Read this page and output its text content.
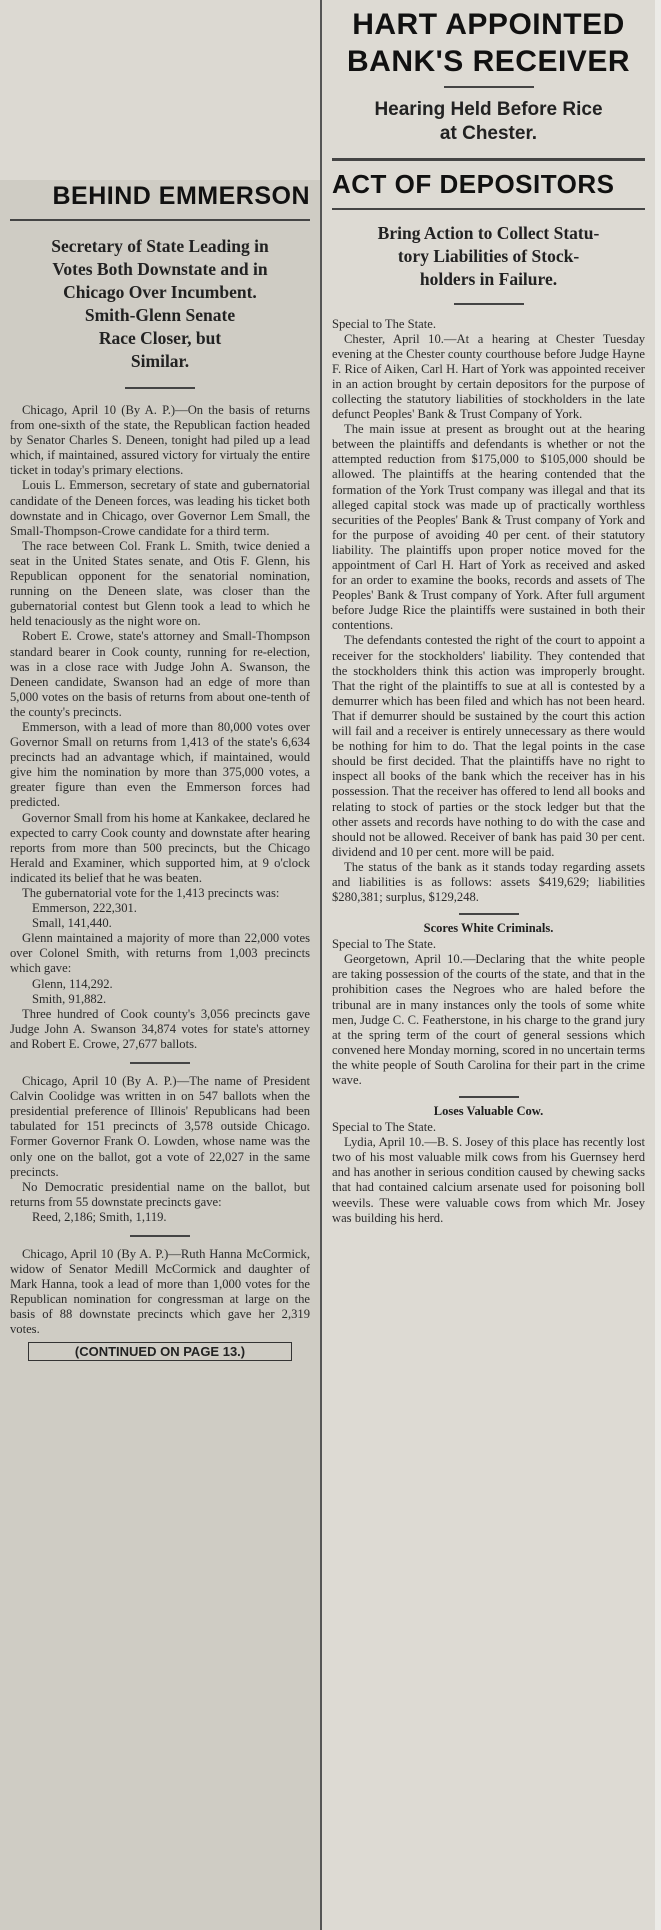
HART APPOINTED
BANK'S RECEIVER
Hearing Held Before Rice
at Chester.
ACT OF DEPOSITORS
Bring Action to Collect Statu-
tory Liabilities of Stock-
holders in Failure.

Special to The State.

Chester, April 10.—At a hearing at Chester Tuesday evening at the Chester county courthouse before Judge Hayne F. Rice of Aiken, Carl H. Hart of York was appointed receiver in an action brought by certain depositors for the purpose of collecting the statutory liabilities of stockholders in the late defunct Peoples' Bank & Trust Company of York.

The main issue at present as brought out at the hearing between the plaintiffs and defendants is whether or not the attempted reduction from $175,000 to $105,000 should be allowed. The plaintiffs at the hearing contended that the formation of the York Trust company was illegal and that its alleged capital stock was made up of practically worthless securities of the Peoples' Bank & Trust company of York and for the purpose of avoiding 40 per cent. of their statutory liability. The plaintiffs upon proper notice moved for the appointment of Carl H. Hart of York as received and asked for an order to examine the books, records and assets of The Peoples' Bank & Trust company of York. After full argument before Judge Rice the plaintiffs were sustained in both their contentions.

The defendants contested the right of the court to appoint a receiver for the stockholders' liability. They contended that the stockholders think this action was improperly brought. That the right of the plaintiffs to sue at all is contested by a demurrer which has been filed and which has not been heard. That if demurrer should be sustained by the court this action will fail and a receiver is entirely unnecessary as there would be nothing for him to do. That the legal points in the case should be first decided. That the plaintiffs have no right to inspect all books of the bank which the receiver has in his possession. That the receiver has offered to lend all books and relating to stock of parties or the stock ledger but that the other assets and records have nothing to do with the case and should not be allowed. Receiver of bank has paid 30 per cent. dividend and 10 per cent. more will be paid.

The status of the bank as it stands today regarding assets and liabilities is as follows: assets $419,629; liabilities $280,381; surplus, $129,248.

Scores White Criminals.

Special to The State.

Georgetown, April 10.—Declaring that the white people are taking possession of the courts of the state, and that in the prohibition cases the Negroes who are haled before the tribunal are in many instances only the tools of some white men, Judge C. C. Featherstone, in his charge to the grand jury at the spring term of the court of general sessions which convened here Monday morning, scored in no uncertain terms the white people of South Carolina for their part in the crime wave.

Loses Valuable Cow.

Special to The State.

Lydia, April 10.—B. S. Josey of this place has recently lost two of his most valuable milk cows from his Guernsey herd and has another in serious condition caused by chewing sacks that had contained calcium arsenate used for poisoning boll weevils. These were valuable cows from which Mr. Josey was building his herd.

BEHIND EMMERSON
Secretary of State Leading in
Votes Both Downstate and in
Chicago Over Incumbent.
Smith-Glenn Senate
Race Closer, but
Similar.

Chicago, April 10 (By A. P.)—On the basis of returns from one-sixth of the state, the Republican faction headed by Senator Charles S. Deneen, tonight had piled up a lead which, if maintained, assured victory for virtualy the entire ticket in today's primary elections.

Louis L. Emmerson, secretary of state and gubernatorial candidate of the Deneen forces, was leading his ticket both downstate and in Chicago, over Governor Lem Small, the Small-Thompson-Crowe candidate for a third term.

The race between Col. Frank L. Smith, twice denied a seat in the United States senate, and Otis F. Glenn, his Republican opponent for the senatorial nomination, running on the Deneen slate, was closer than the gubernatorial contest but Glenn took a lead to which he held tenaciously as the night wore on.

Robert E. Crowe, state's attorney and Small-Thompson standard bearer in Cook county, running for re-election, was in a close race with Judge John A. Swanson, the Deneen candidate, Swanson had an edge of more than 5,000 votes on the basis of returns from about one-tenth of the county's precincts.

Emmerson, with a lead of more than 80,000 votes over Governor Small on returns from 1,413 of the state's 6,634 precincts had an advantage which, if maintained, would give him the nomination by more than 375,000 votes, a greater figure than even the Emmerson forces had predicted.

Governor Small from his home at Kankakee, declared he expected to carry Cook county and downstate after hearing reports from more than 500 precincts, but the Chicago Herald and Examiner, which supported him, at 9 o'clock indicated its belief that he was beaten.

The gubernatorial vote for the 1,413 precincts was:

Emmerson, 222,301.

Small, 141,440.

Glenn maintained a majority of more than 22,000 votes over Colonel Smith, with returns from 1,003 precincts which gave:

Glenn, 114,292.

Smith, 91,882.

Three hundred of Cook county's 3,056 precincts gave Judge John A. Swanson 34,874 votes for state's attorney and Robert E. Crowe, 27,677 ballots.

Chicago, April 10 (By A. P.)—The name of President Calvin Coolidge was written in on 547 ballots when the presidential preference of Illinois' Republicans had been tabulated for 151 precincts of 3,578 outside Chicago. Former Governor Frank O. Lowden, whose name was the only one on the ballot, got a vote of 22,027 in the same precincts.

No Democratic presidential name on the ballot, but returns from 55 downstate precincts gave:

Reed, 2,186; Smith, 1,119.

Chicago, April 10 (By A. P.)—Ruth Hanna McCormick, widow of Senator Medill McCormick and daughter of Mark Hanna, took a lead of more than 1,000 votes for the Republican nomination for congressman at large on the basis of 88 downstate precincts which gave her 2,319 votes.

(CONTINUED ON PAGE 13.)
